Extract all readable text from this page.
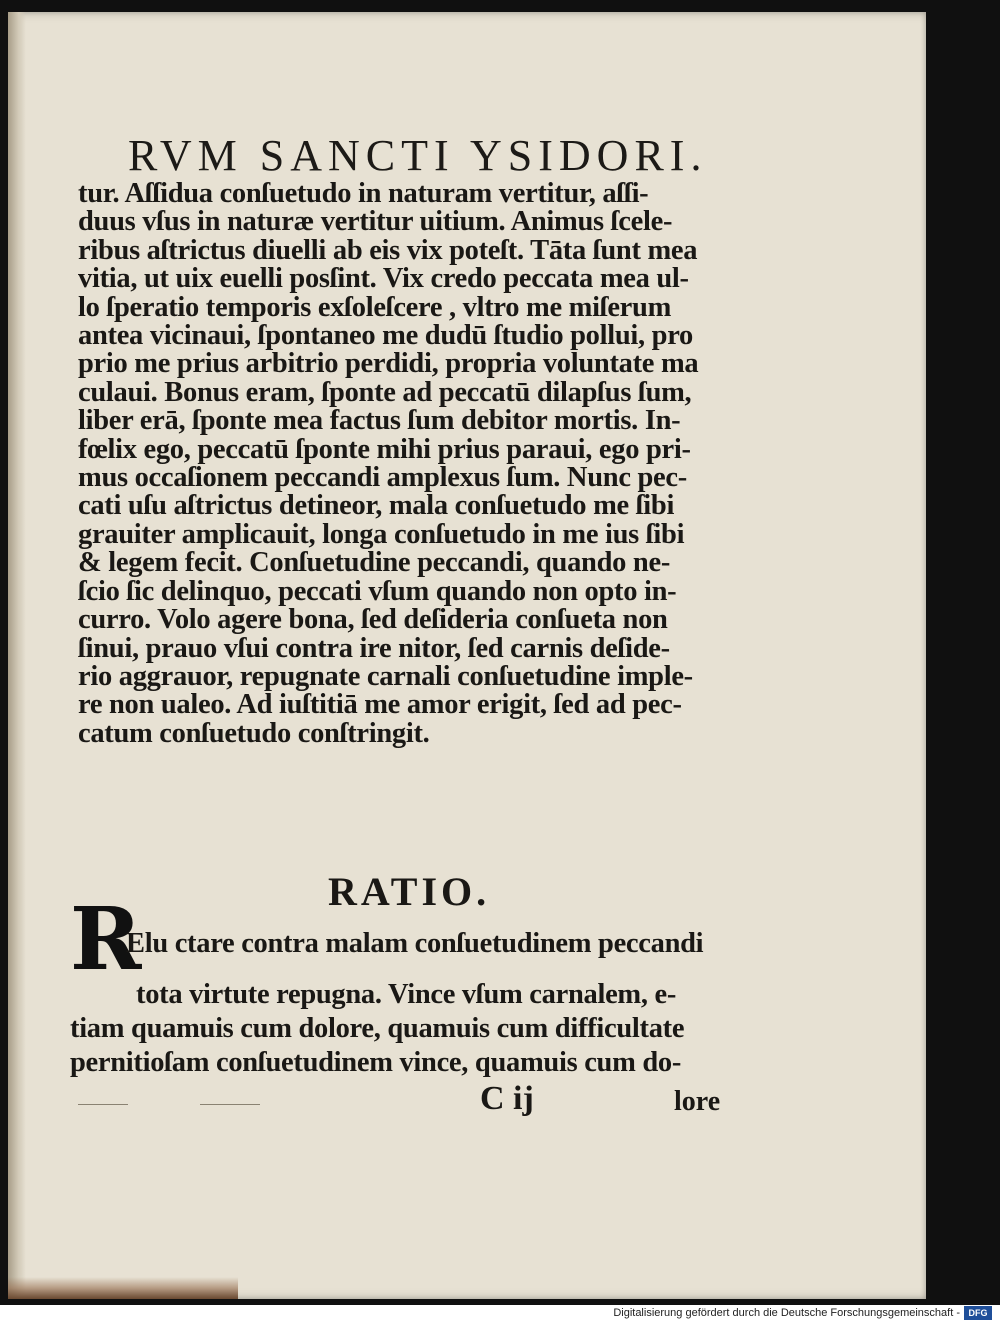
RVM SANCTI YSIDORI.
tur. Aſſidua conſuetudo in naturam vertitur, aſſi-
duus vſus in naturæ vertitur uitium. Animus ſcele-
ribus aſtrictus diuelli ab eis vix poteſt. Tāta ſunt mea
vitia, ut uix euelli posſint. Vix credo peccata mea ul-
lo ſperatio temporis exſoleſcere , vltro me miſerum
antea vicinaui, ſpontaneo me dudū ſtudio pollui, pro
prio me prius arbitrio perdidi, propria voluntate ma
culaui. Bonus eram, ſponte ad peccatū dilapſus ſum,
liber erā, ſponte mea factus ſum debitor mortis. In-
fœlix ego, peccatū ſponte mihi prius paraui, ego pri-
mus occaſionem peccandi amplexus ſum. Nunc pec-
cati uſu aſtrictus detineor, mala conſuetudo me ſibi
grauiter amplicauit, longa conſuetudo in me ius ſibi
& legem fecit. Conſuetudine peccandi, quando ne-
ſcio ſic delinquo, peccati vſum quando non opto in-
curro. Volo agere bona, ſed deſideria conſueta non
ſinui, prauo vſui contra ire nitor, ſed carnis deſide-
rio aggrauor, repugnate carnali conſuetudine imple-
re non ualeo. Ad iuſtitiā me amor erigit, ſed ad pec-
catum conſuetudo conſtringit.
RATIO.
R
Elu ctare contra malam conſuetudinem peccandi
tota virtute repugna. Vince vſum carnalem, e-
tiam quamuis cum dolore, quamuis cum difficultate
pernitioſam conſuetudinem vince, quamuis cum do-
C ij	lore
Digitalisierung gefördert durch die Deutsche Forschungsgemeinschaft - DFG
